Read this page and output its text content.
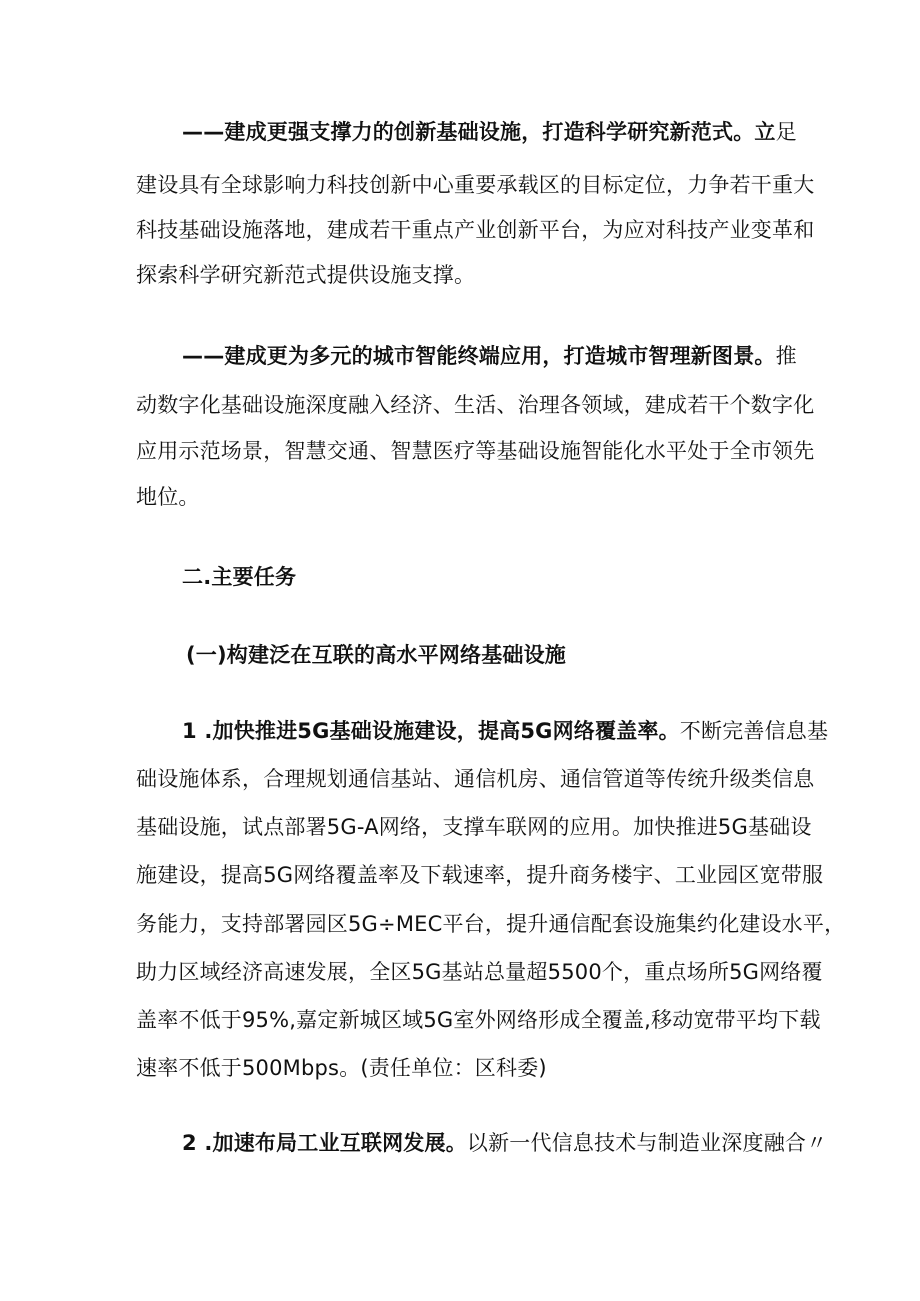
——建成更强支撑力的创新基础设施，打造科学研究新范式。立足
建设具有全球影响力科技创新中心重要承载区的目标定位，力争若干重大
科技基础设施落地，建成若干重点产业创新平台，为应对科技产业变革和
探索科学研究新范式提供设施支撑。
——建成更为多元的城市智能终端应用，打造城市智理新图景。推
动数字化基础设施深度融入经济、生活、治理各领域，建成若干个数字化
应用示范场景，智慧交通、智慧医疗等基础设施智能化水平处于全市领先
地位。
二.主要任务
(一)构建泛在互联的高水平网络基础设施
1 .加快推进5G基础设施建设，提高5G网络覆盖率。不断完善信息基
础设施体系，合理规划通信基站、通信机房、通信管道等传统升级类信息
基础设施，试点部署5G-A网络，支撑车联网的应用。加快推进5G基础设
施建设，提高5G网络覆盖率及下载速率，提升商务楼宇、工业园区宽带服
务能力，支持部署园区5G÷MEC平台，提升通信配套设施集约化建设水平，
助力区域经济高速发展，全区5G基站总量超5500个，重点场所5G网络覆
盖率不低于95%,嘉定新城区域5G室外网络形成全覆盖,移动宽带平均下载
速率不低于500Mbps。(责任单位：区科委)
2 .加速布局工业互联网发展。以新一代信息技术与制造业深度融合〃
